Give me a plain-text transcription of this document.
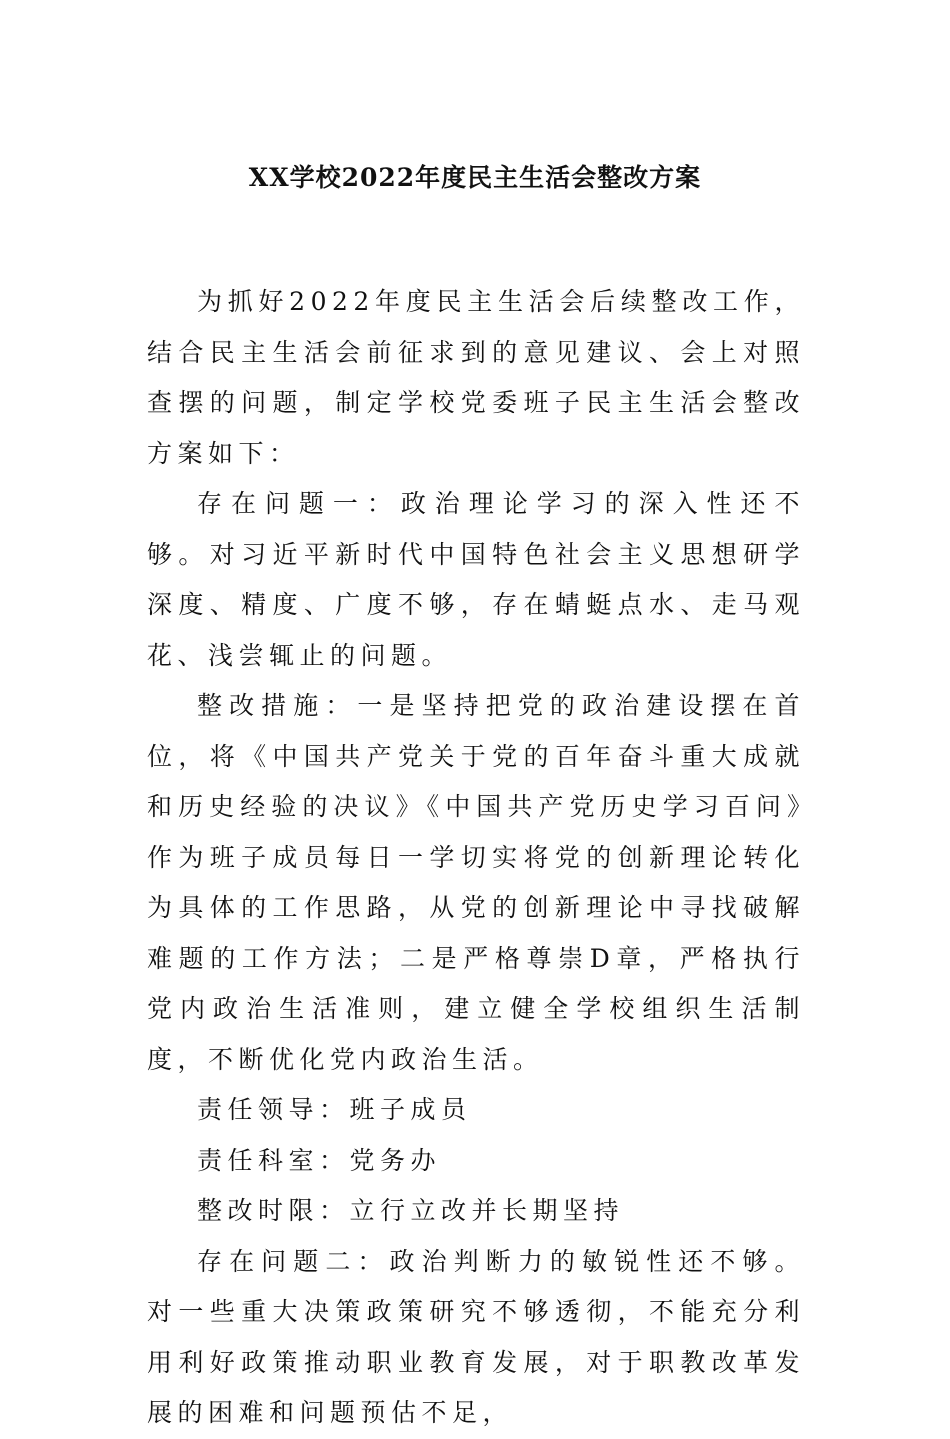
XX学校2022年度民主生活会整改方案

为抓好2022年度民主生活会后续整改工作，结合民主生活会前征求到的意见建议、会上对照查摆的问题，制定学校党委班子民主生活会整改方案如下：

存在问题一：政治理论学习的深入性还不够。对习近平新时代中国特色社会主义思想研学深度、精度、广度不够，存在蜻蜓点水、走马观花、浅尝辄止的问题。

整改措施：一是坚持把党的政治建设摆在首位，将《中国共产党关于党的百年奋斗重大成就和历史经验的决议》《中国共产党历史学习百问》作为班子成员每日一学切实将党的创新理论转化为具体的工作思路，从党的创新理论中寻找破解难题的工作方法；二是严格尊崇D章，严格执行党内政治生活准则，建立健全学校组织生活制度，不断优化党内政治生活。

责任领导：班子成员

责任科室：党务办

整改时限：立行立改并长期坚持

存在问题二：政治判断力的敏锐性还不够。对一些重大决策政策研究不够透彻，不能充分利用利好政策推动职业教育发展，对于职教改革发展的困难和问题预估不足，
